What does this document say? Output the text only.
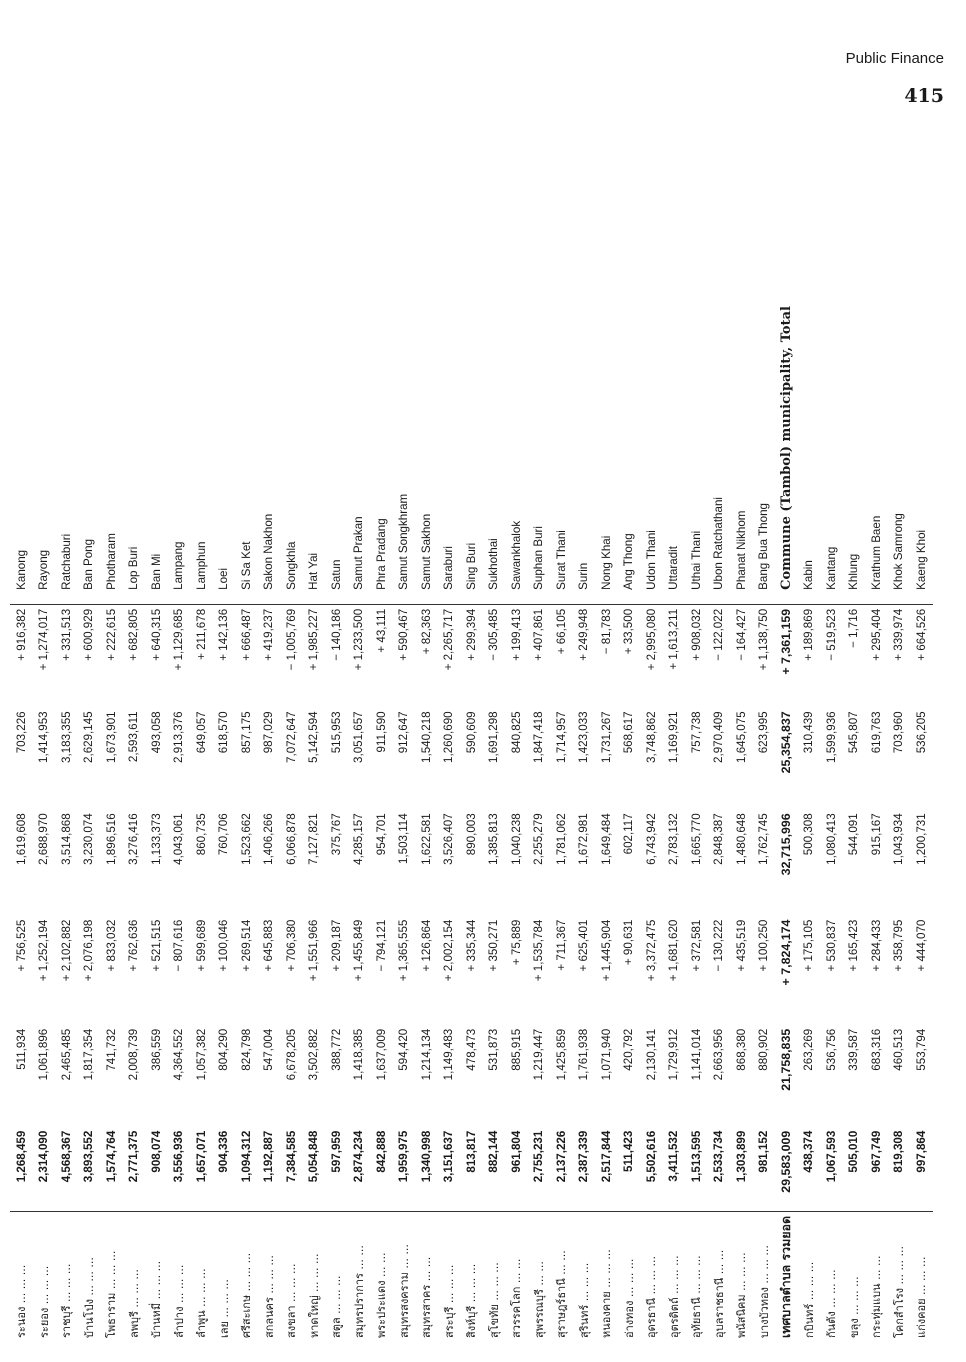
Public Finance
415
ระนอง ... ... ...		1,268,459	511,934	+ 756,525	1,619,608	703,226	+ 916,382		Kanong
ระยอง ... ... ...		2,314,090	1,061,896	+ 1,252,194	2,688,970	1,414,953	+ 1,274,017		Rayong
ราชบุรี ... ... ...		4,568,367	2,465,485	+ 2,102,882	3,514,868	3,183,355	+ 331,513		Ratchaburi
บ้านโป่ง ... ... ...		3,893,552	1,817,354	+ 2,076,198	3,230,074	2,629,145	+ 600,929		Ban Pong
โพธาราม ... ... ...		1,574,764	741,732	+ 833,032	1,896,516	1,673,901	+ 222,615		Photharam
ลพบุรี ... ... ...		2,771,375	2,008,739	+ 762,636	3,276,416	2,593,611	+ 682,805		Lop Buri
บ้านหมี่ ... ... ...		908,074	386,559	+ 521,515	1,133,373	493,058	+ 640,315		Ban Mi
ลำปาง ... ... ...		3,556,936	4,364,552	− 807,616	4,043,061	2,913,376	+ 1,129,685		Lampang
ลำพูน ... ... ...		1,657,071	1,057,382	+ 599,689	860,735	649,057	+ 211,678		Lamphun
เลย ... ... ...		904,336	804,290	+ 100,046	760,706	618,570	+ 142,136		Loei
ศรีสะเกษ ... ... ...		1,094,312	824,798	+ 269,514	1,523,662	857,175	+ 666,487		Si Sa Ket
สกลนคร ... ... ...		1,192,887	547,004	+ 645,883	1,406,266	987,029	+ 419,237		Sakon Nakhon
สงขลา ... ... ...		7,384,585	6,678,205	+ 706,380	6,066,878	7,072,647	− 1,005,769		Songkhla
หาดใหญ่ ... ... ...		5,054,848	3,502,882	+ 1,551,966	7,127,821	5,142,594	+ 1,985,227		Hat Yai
สตูล ... ... ...		597,959	388,772	+ 209,187	375,767	515,953	− 140,186		Satun
สมุทรปราการ ... ...		2,874,234	1,418,385	+ 1,455,849	4,285,157	3,051,657	+ 1,233,500		Samut Prakan
พระประแดง ... ...		842,888	1,637,009	− 794,121	954,701	911,590	+ 43,111		Phra Pradang
สมุทรสงคราม ... ...		1,959,975	594,420	+ 1,365,555	1,503,114	912,647	+ 590,467		Samut Songkhram
สมุทรสาคร ... ...		1,340,998	1,214,134	+ 126,864	1,622,581	1,540,218	+ 82,363		Samut Sakhon
สระบุรี ... ... ...		3,151,637	1,149,483	+ 2,002,154	3,526,407	1,260,690	+ 2,265,717		Saraburi
สิงห์บุรี ... ... ...		813,817	478,473	+ 335,344	890,003	590,609	+ 299,394		Sing Buri
สุโขทัย ... ... ...		882,144	531,873	+ 350,271	1,385,813	1,691,298	− 305,485		Sukhothai
สวรรคโลก ... ...		961,804	885,915	+ 75,889	1,040,238	840,825	+ 199,413		Sawankhalok
สุพรรณบุรี ... ...		2,755,231	1,219,447	+ 1,535,784	2,255,279	1,847,418	+ 407,861		Suphan Buri
สุราษฎร์ธานี ... ...		2,137,226	1,425,859	+ 711,367	1,781,062	1,714,957	+ 66,105		Surat Thani
สุรินทร์ ... ... ...		2,387,339	1,761,938	+ 625,401	1,672,981	1,423,033	+ 249,948		Surin
หนองคาย ... ... ...		2,517,844	1,071,940	+ 1,445,904	1,649,484	1,731,267	− 81,783		Nong Khai
อ่างทอง ... ... ...		511,423	420,792	+ 90,631	602,117	568,617	+ 33,500		Ang Thong
อุดรธานี ... ... ...		5,502,616	2,130,141	+ 3,372,475	6,743,942	3,748,862	+ 2,995,080		Udon Thani
อุตรดิตถ์ ... ... ...		3,411,532	1,729,912	+ 1,681,620	2,783,132	1,169,921	+ 1,613,211		Uttaradit
อุทัยธานี ... ... ...		1,513,595	1,141,014	+ 372,581	1,665,770	757,738	+ 908,032		Uthai Thani
อุบลราชธานี ... ...		2,533,734	2,663,956	− 130,222	2,848,387	2,970,409	− 122,022		Ubon Ratchathani
พนัสนิคม ... ... ...		1,303,899	868,380	+ 435,519	1,480,648	1,645,075	− 164,427		Phanat Nikhom
บางบัวทอง ... ... ...		981,152	880,902	+ 100,250	1,762,745	623,995	+ 1,138,750		Bang Bua Thong
เทศบาลตำบล รวมยอด		29,583,009	21,758,835	+ 7,824,174	32,715,996	25,354,837	+ 7,361,159		Commune (Tambol) municipality, Total
กบินทร์ ... ... ...		438,374	263,269	+ 175,105	500,308	310,439	+ 189,869		Kabin
กันตัง ... ... ...		1,067,593	536,756	+ 530,837	1,080,413	1,599,936	− 519,523		Kantang
ขลุง ... ... ...		505,010	339,587	+ 165,423	544,091	545,807	− 1,716		Khlung
กระทุ่มแบน ... ...		967,749	683,316	+ 284,433	915,167	619,763	+ 295,404		Krathum Baen
โคกสำโรง ... ... ...		819,308	460,513	+ 358,795	1,043,934	703,960	+ 339,974		Khok Samrong
แก่งคอย ... ... ...		997,864	553,794	+ 444,070	1,200,731	536,205	+ 664,526		Kaeng Khoi
